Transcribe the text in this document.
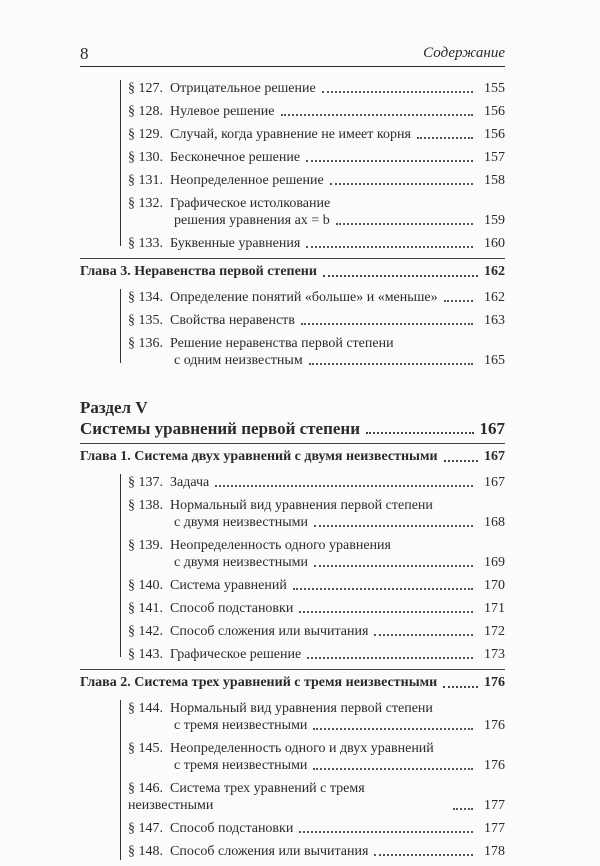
8	Содержание
§ 127.  Отрицательное решение	155
§ 128.  Нулевое решение	156
§ 129.  Случай, когда уравнение не имеет корня	156
§ 130.  Бесконечное решение	157
§ 131.  Неопределенное решение	158
§ 132.  Графическое истолкование
решения уравнения ax = b	159
§ 133.  Буквенные уравнения	160
Глава 3. Неравенства первой степени	162
§ 134.  Определение понятий «больше» и «меньше»	162
§ 135.  Свойства неравенств	163
§ 136.  Решение неравенства первой степени
с одним неизвестным	165
Раздел V
Системы уравнений первой степени	167
Глава 1. Система двух уравнений с двумя неизвестными	167
§ 137.  Задача	167
§ 138.  Нормальный вид уравнения первой степени
с двумя неизвестными	168
§ 139.  Неопределенность одного уравнения
с двумя неизвестными	169
§ 140.  Система уравнений	170
§ 141.  Способ подстановки	171
§ 142.  Способ сложения или вычитания	172
§ 143.  Графическое решение	173
Глава 2. Система трех уравнений с тремя неизвестными	176
§ 144.  Нормальный вид уравнения первой степени
с тремя неизвестными	176
§ 145.  Неопределенность одного и двух уравнений
с тремя неизвестными	176
§ 146.  Система трех уравнений с тремя неизвестными	177
§ 147.  Способ подстановки	177
§ 148.  Способ сложения или вычитания	178
